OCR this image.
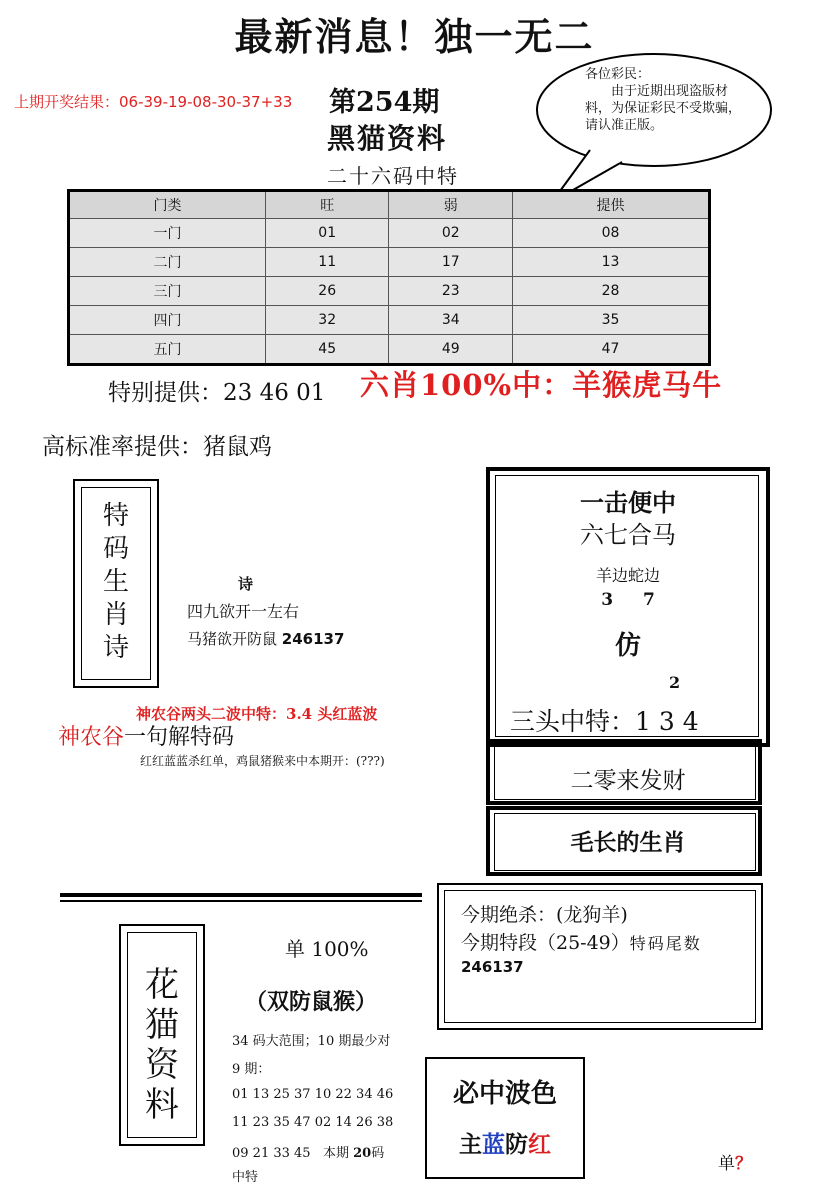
最新消息！独一无二
上期开奖结果：06-39-19-08-30-37+33 第254期
黑猫资料
二十六码中特
各位彩民：
由于近期出现盗版材料，为保证彩民不受欺骗，请认准正版。
门类	旺	弱	提供
一门	01	02	08
二门	11	17	13
三门	26	23	28
四门	32	34	35
五门	45	49	47
特别提供：23 46 01 六肖100%中：羊猴虎马牛
高标准率提供：猪鼠鸡
特
码
生
肖
诗
诗
四九欲开一左右
马猪欲开防鼠 246137
神农谷两头二波中特：3.4 头红蓝波
神农谷一句解特码
红红蓝蓝杀红单，鸡鼠猪猴来中本期开：(???)
一击便中
六七合马
羊边蛇边
3 7
仿
2
三头中特：1 3 4
二零来发财
毛长的生肖
今期绝杀：(龙狗羊)
今期特段（25-49）特码尾数
246137
花
猫
资
料
单 100%
（双防鼠猴）
34 码大范围；10 期最少对
9 期：
01 13 25 37 10 22 34 46
11 23 35 47 02 14 26 38
09 21 33 45   本期 20码
中特
必中波色
主蓝防红
单？
